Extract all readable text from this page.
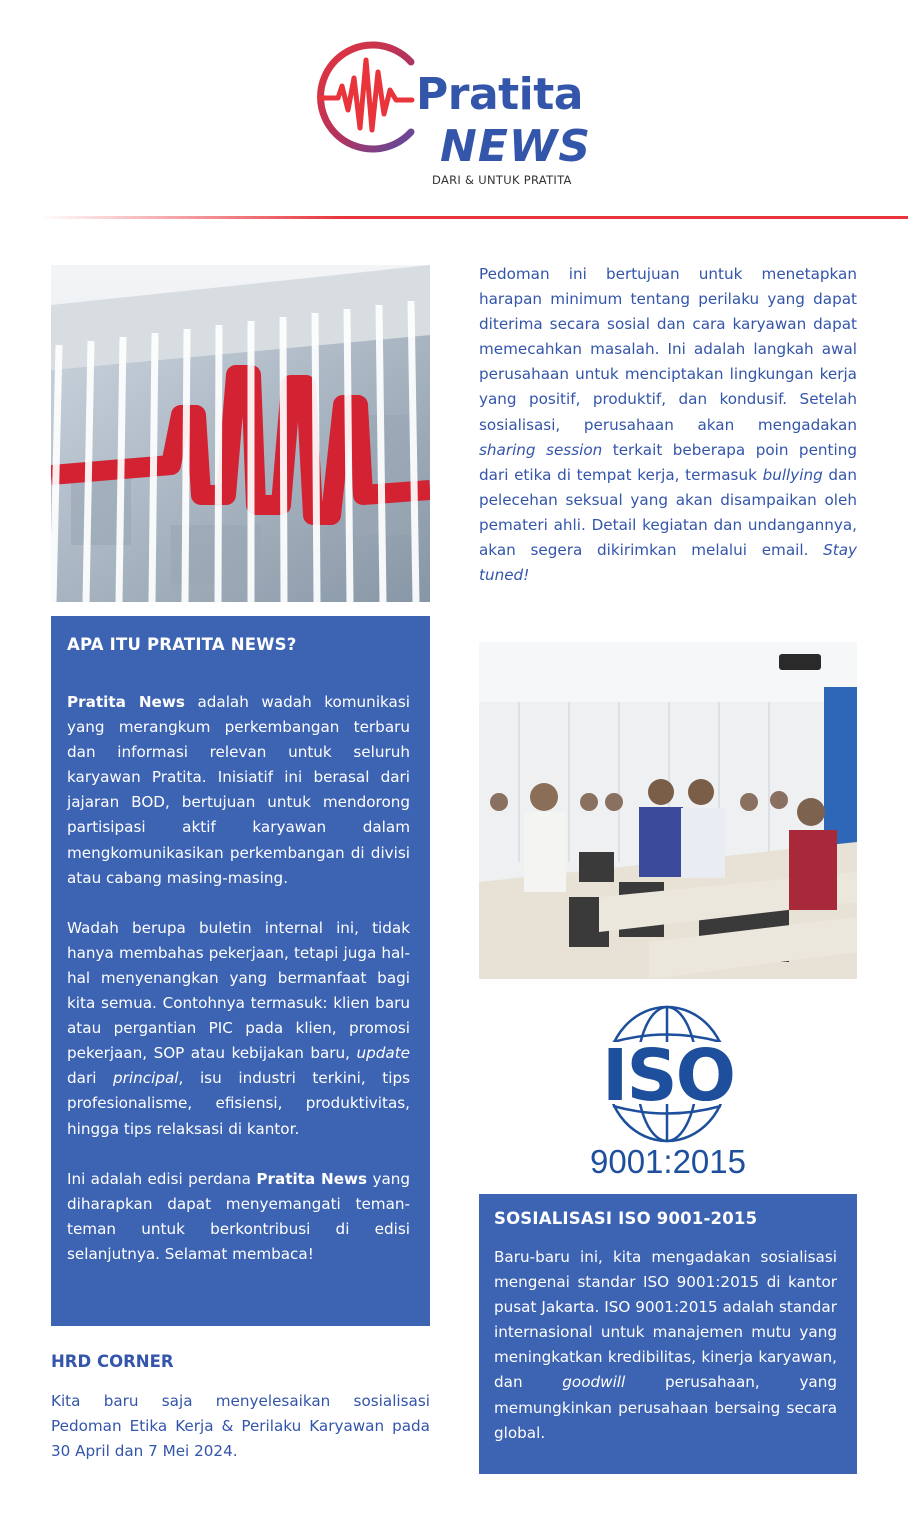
Pratita
NEWS
DARI & UNTUK PRATITA
APA ITU PRATITA NEWS?

Pratita News adalah wadah komunikasi yang merangkum perkembangan terbaru dan informasi relevan untuk seluruh karyawan Pratita. Inisiatif ini berasal dari jajaran BOD, bertujuan untuk mendorong partisipasi aktif karyawan dalam mengkomunikasikan perkembangan di divisi atau cabang masing-masing.

Wadah berupa buletin internal ini, tidak hanya membahas pekerjaan, tetapi juga hal-hal menyenangkan yang bermanfaat bagi kita semua. Contohnya termasuk: klien baru atau pergantian PIC pada klien, promosi pekerjaan, SOP atau kebijakan baru, update dari principal, isu industri terkini, tips profesionalisme, efisiensi, produktivitas, hingga tips relaksasi di kantor.

Ini adalah edisi perdana Pratita News yang diharapkan dapat menyemangati teman-teman untuk berkontribusi di edisi selanjutnya. Selamat membaca!

HRD CORNER

Kita baru saja menyelesaikan sosialisasi Pedoman Etika Kerja & Perilaku Karyawan pada 30 April dan 7 Mei 2024.

Pedoman ini bertujuan untuk menetapkan harapan minimum tentang perilaku yang dapat diterima secara sosial dan cara karyawan dapat memecahkan masalah. Ini adalah langkah awal perusahaan untuk menciptakan lingkungan kerja yang positif, produktif, dan kondusif. Setelah sosialisasi, perusahaan akan mengadakan sharing session terkait beberapa poin penting dari etika di tempat kerja, termasuk bullying dan pelecehan seksual yang akan disampaikan oleh pemateri ahli. Detail kegiatan dan undangannya, akan segera dikirimkan melalui email. Stay tuned!

ISO
9001:2015
SOSIALISASI ISO 9001-2015

Baru-baru ini, kita mengadakan sosialisasi mengenai standar ISO 9001:2015 di kantor pusat Jakarta. ISO 9001:2015 adalah standar internasional untuk manajemen mutu yang meningkatkan kredibilitas, kinerja karyawan, dan goodwill perusahaan, yang memungkinkan perusahaan bersaing secara global.
